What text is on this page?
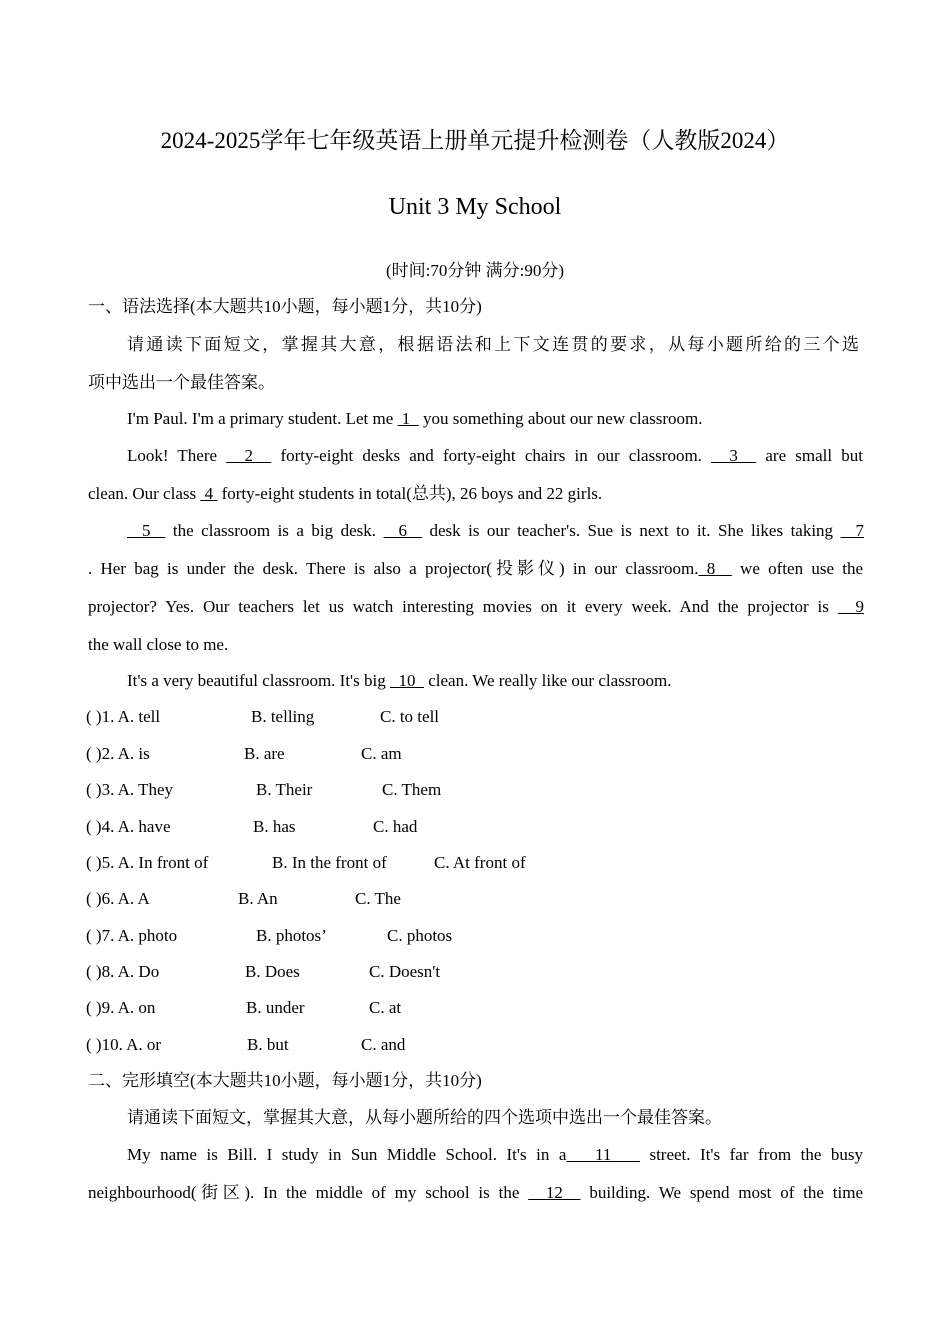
2024-2025学年七年级英语上册单元提升检测卷（人教版2024）
Unit 3 My School
(时间:70分钟 满分:90分)
一、语法选择(本大题共10小题，每小题1分，共10分)
请通读下面短文，掌握其大意，根据语法和上下文连贯的要求，从每小题所给的三个选
项中选出一个最佳答案。
I'm Paul. I'm a primary student. Let me  1   you something about our new classroom.
Look! There   2   forty-eight desks and forty-eight chairs in our classroom.   3   are small but
clean. Our class  4  forty-eight students in total(总共), 26 boys and 22 girls.
5   the classroom is a big desk.   6   desk is our teacher's. Sue is next to it. She likes taking   7
. Her bag is under the desk. There is also a projector(投影仪) in our classroom. 8   we often use the
projector? Yes. Our teachers let us watch interesting movies on it every week. And the projector is   9
the wall close to me.
It's a very beautiful classroom. It's big   10   clean. We really like our classroom.
( )1. A. tell	B. telling	C. to tell
( )2. A. is	B. are	C. am
( )3. A. They	B. Their	C. Them
( )4. A. have	B. has	C. had
( )5. A. In front of	B. In the front of	C. At front of
( )6. A. A	B. An	C. The
( )7. A. photo	B. photos’	C. photos
( )8. A. Do	B. Does	C. Doesn't
( )9. A. on	B. under	C. at
( )10. A. or	B. but	C. and
二、完形填空(本大题共10小题，每小题1分，共10分)
请通读下面短文，掌握其大意，从每小题所给的四个选项中选出一个最佳答案。
My name is Bill. I study in Sun Middle School. It's in a 11    street. It's far from the busy
neighbourhood(街区). In the middle of my school is the   12   building. We spend most of the time
